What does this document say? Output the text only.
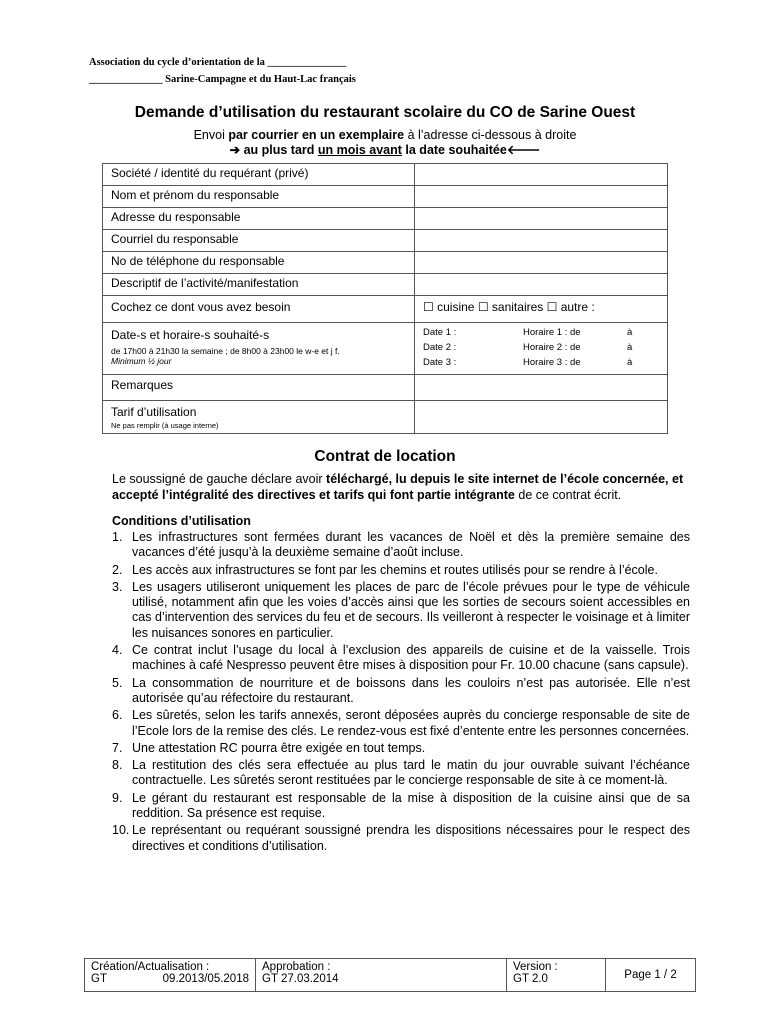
Association du cycle d’orientation de la _______________
______________ Sarine-Campagne et du Haut-Lac français
Demande d’utilisation du restaurant scolaire du CO de Sarine Ouest
Envoi par courrier en un exemplaire à l’adresse ci-dessous à droite
➔ au plus tard un mois avant la date souhaitée🡐
Société / identité du requérant (privé)	
Nom et prénom du responsable	
Adresse du responsable	
Courriel du responsable	
No de téléphone du responsable	
Descriptif de l’activité/manifestation	
Cochez ce dont vous avez besoin	☐ cuisine ☐ sanitaires ☐ autre :

Date-s et horaire-s souhaité-s
de 17h00 à 21h30 la semaine ; de 8h00 à 23h00 le w-e et j f.
Minimum ½ jour

Date 1 :	Horaire 1 : de	à
Date 2 :	Horaire 2 : de	à
Date 3 :	Horaire 3 : de	à

Remarques	

Tarif d’utilisation
Ne pas remplir (à usage interne)

Contrat de location
Le soussigné de gauche déclare avoir téléchargé, lu depuis le site internet de l’école concernée, et accepté l’intégralité des directives et tarifs qui font partie intégrante de ce contrat écrit.
Conditions d’utilisation
1. Les infrastructures sont fermées durant les vacances de Noël et dès la première semaine des vacances d’été jusqu’à la deuxième semaine d’août incluse.
2. Les accès aux infrastructures se font par les chemins et routes utilisés pour se rendre à l’école.
3. Les usagers utiliseront uniquement les places de parc de l’école prévues pour le type de véhicule utilisé, notamment afin que les voies d’accès ainsi que les sorties de secours soient accessibles en cas d’intervention des services du feu et de secours. Ils veilleront à respecter le voisinage et à limiter les nuisances sonores en particulier.
4. Ce contrat inclut l’usage du local à l’exclusion des appareils de cuisine et de la vaisselle. Trois machines à café Nespresso peuvent être mises à disposition pour Fr. 10.00 chacune (sans capsule).
5. La consommation de nourriture et de boissons dans les couloirs n’est pas autorisée. Elle n’est autorisée qu’au réfectoire du restaurant.
6. Les sûretés, selon les tarifs annexés, seront déposées auprès du concierge responsable de site de l’Ecole lors de la remise des clés. Le rendez-vous est fixé d’entente entre les personnes concernées.
7. Une attestation RC pourra être exigée en tout temps.
8. La restitution des clés sera effectuée au plus tard le matin du jour ouvrable suivant l’échéance contractuelle. Les sûretés seront restituées par le concierge responsable de site à ce moment-là.
9. Le gérant du restaurant est responsable de la mise à disposition de la cuisine ainsi que de sa reddition. Sa présence est requise.
10. Le représentant ou requérant soussigné prendra les dispositions nécessaires pour le respect des directives et conditions d’utilisation.
Création/Actualisation :
GT	09.2013/05.2018

Approbation :
GT 27.03.2014

Version :
GT 2.0	Page 1 / 2
